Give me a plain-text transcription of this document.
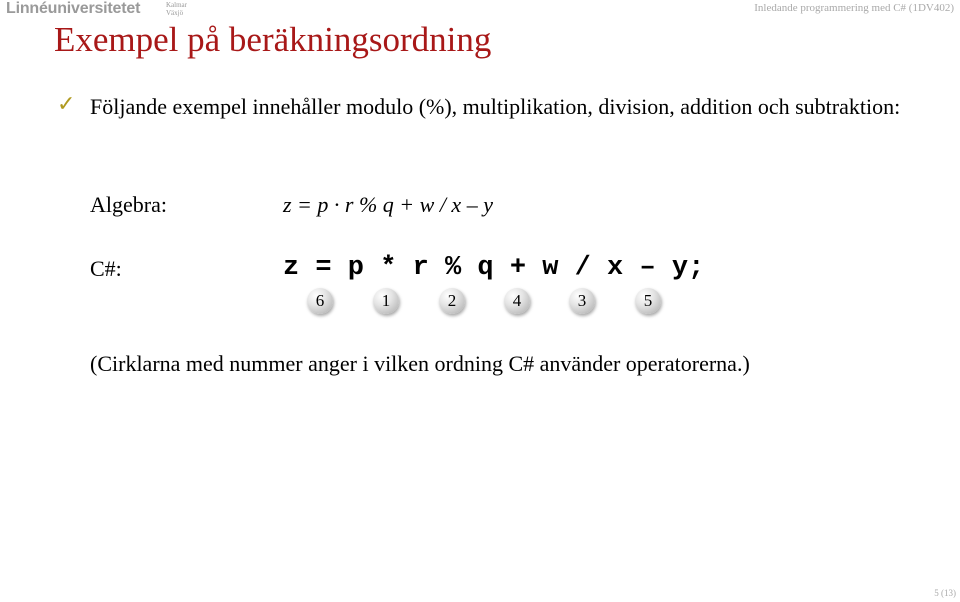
Linnéuniversitetet	Kalmar Växjö	Inledande programmering med C# (1DV402)
Exempel på beräkningsordning
✓ Följande exempel innehåller modulo (%), multiplikation, division, addition och subtraktion:
Algebra:	z = p · r % q + w / x – y
C#:	z = p * r % q + w / x – y;
6	1	2	4	3	5
(Cirklarna med nummer anger i vilken ordning C# använder operatorerna.)
5 (13)
